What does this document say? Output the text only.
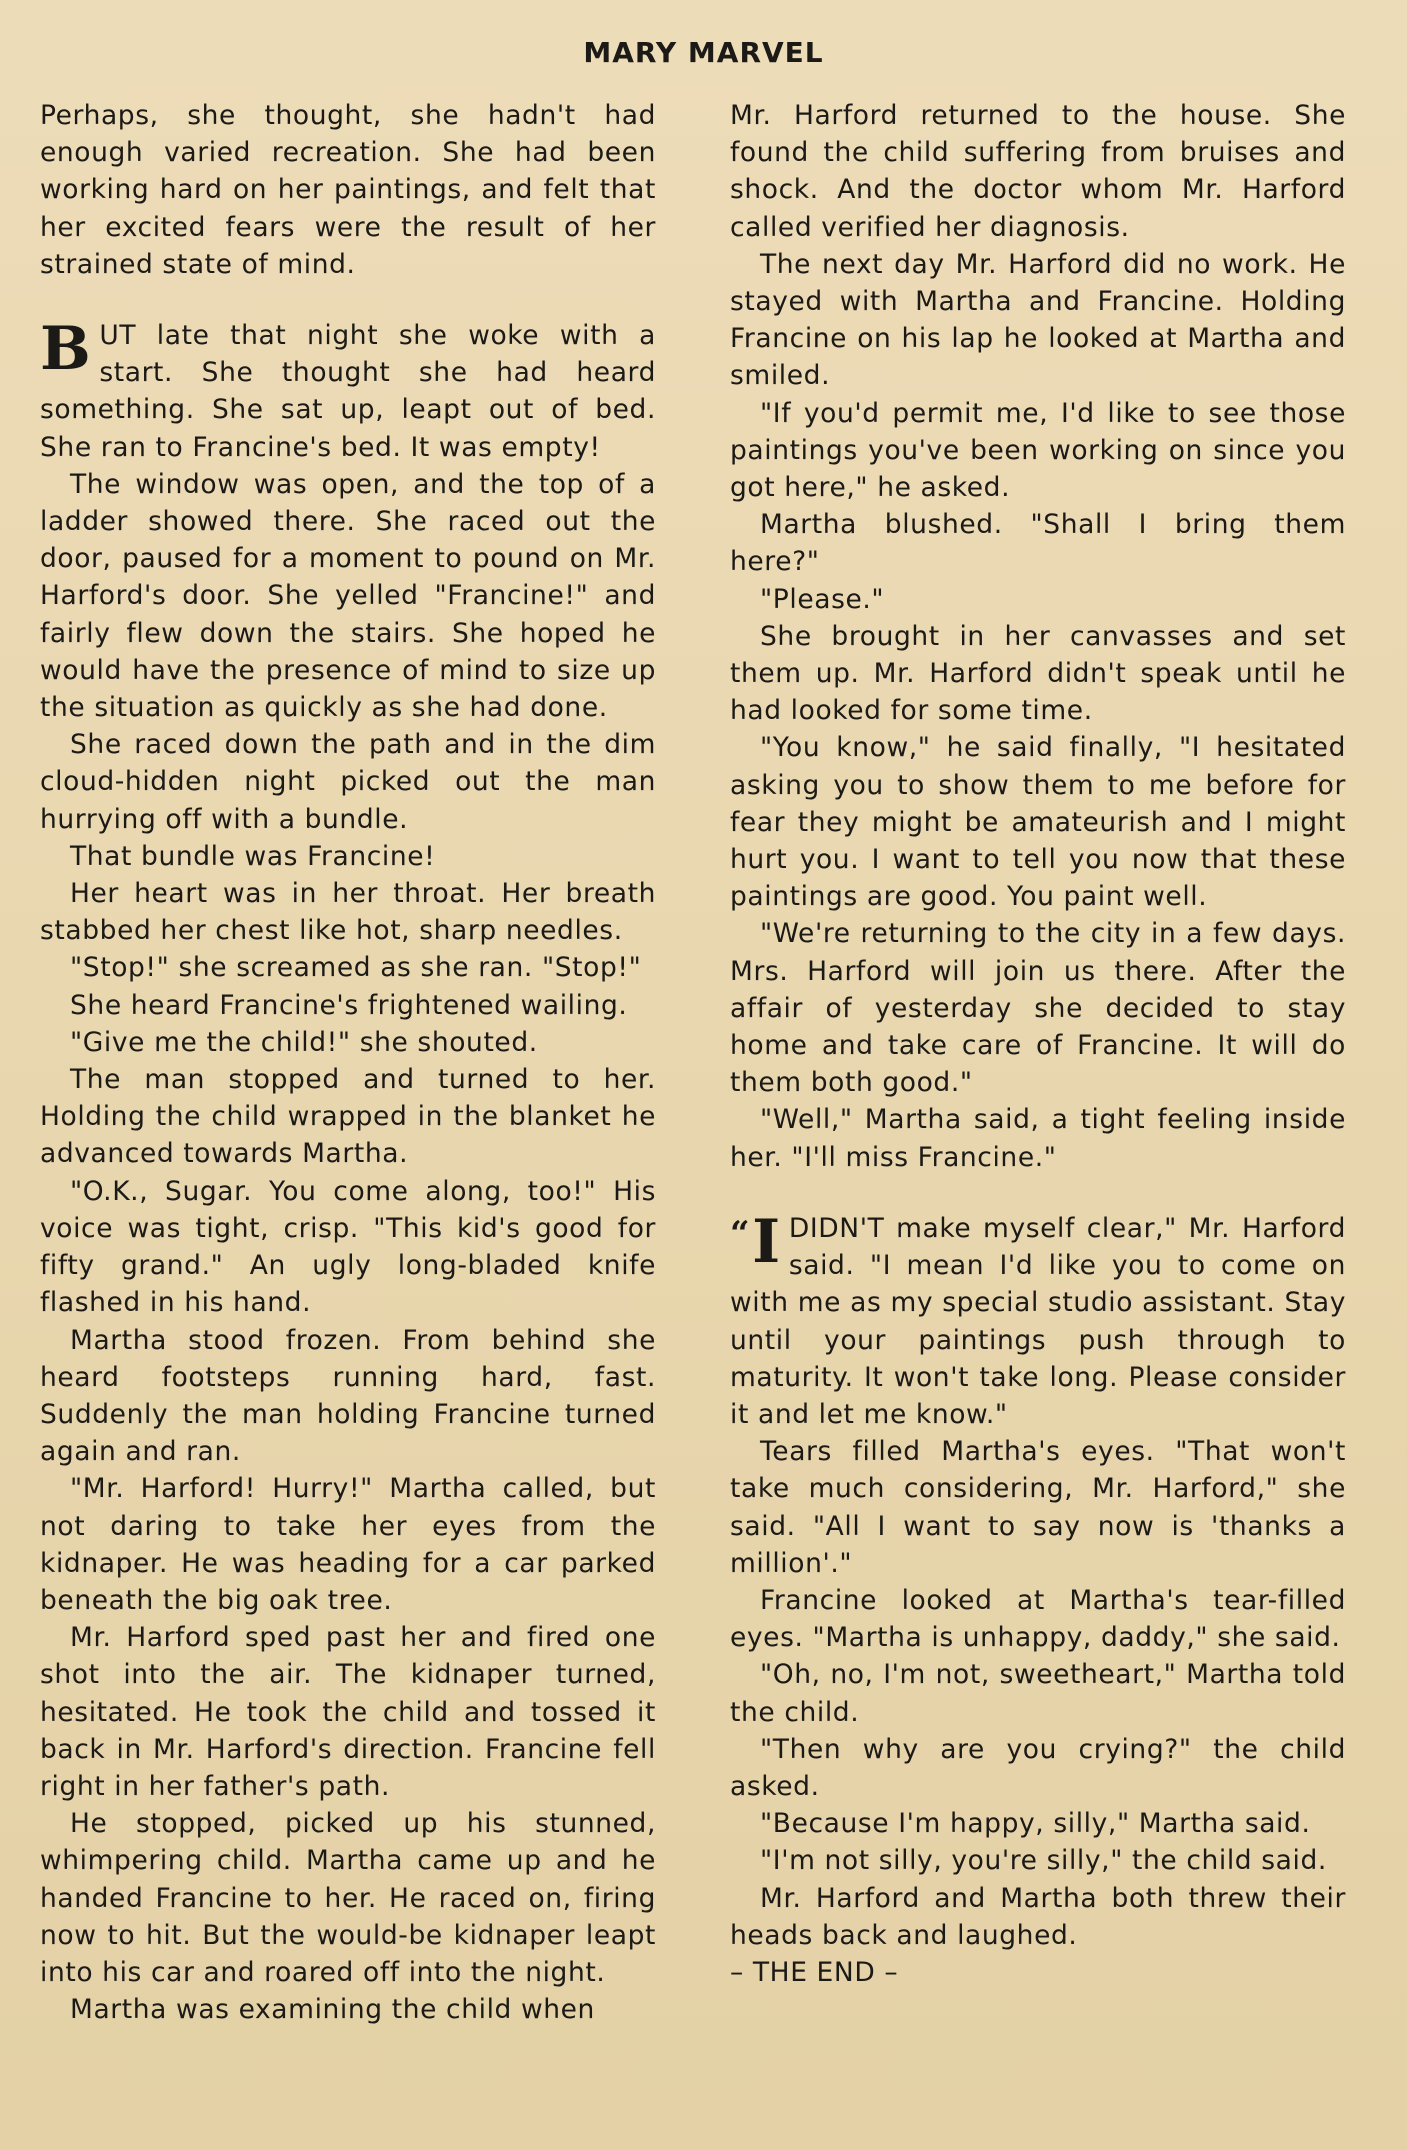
MARY MARVEL

Perhaps, she thought, she hadn't had enough varied recreation. She had been working hard on her paintings, and felt that her excited fears were the result of her strained state of mind.

BUT late that night she woke with a start. She thought she had heard something. She sat up, leapt out of bed. She ran to Francine's bed. It was empty!

The window was open, and the top of a ladder showed there. She raced out the door, paused for a moment to pound on Mr. Harford's door. She yelled "Francine!" and fairly flew down the stairs. She hoped he would have the presence of mind to size up the situation as quickly as she had done.

She raced down the path and in the dim cloud-hidden night picked out the man hurrying off with a bundle.

That bundle was Francine!

Her heart was in her throat. Her breath stabbed her chest like hot, sharp needles.

"Stop!" she screamed as she ran. "Stop!"

She heard Francine's frightened wailing.

"Give me the child!" she shouted.

The man stopped and turned to her. Holding the child wrapped in the blanket he advanced towards Martha.

"O.K., Sugar. You come along, too!" His voice was tight, crisp. "This kid's good for fifty grand." An ugly long-bladed knife flashed in his hand.

Martha stood frozen. From behind she heard footsteps running hard, fast. Suddenly the man holding Francine turned again and ran.

"Mr. Harford! Hurry!" Martha called, but not daring to take her eyes from the kidnaper. He was heading for a car parked beneath the big oak tree.

Mr. Harford sped past her and fired one shot into the air. The kidnaper turned, hesitated. He took the child and tossed it back in Mr. Harford's direction. Francine fell right in her father's path.

He stopped, picked up his stunned, whimpering child. Martha came up and he handed Francine to her. He raced on, firing now to hit. But the would-be kidnaper leapt into his car and roared off into the night.

Martha was examining the child when

Mr. Harford returned to the house. She found the child suffering from bruises and shock. And the doctor whom Mr. Harford called verified her diagnosis.

The next day Mr. Harford did no work. He stayed with Martha and Francine. Holding Francine on his lap he looked at Martha and smiled.

"If you'd permit me, I'd like to see those paintings you've been working on since you got here," he asked.

Martha blushed. "Shall I bring them here?"

"Please."

She brought in her canvasses and set them up. Mr. Harford didn't speak until he had looked for some time.

"You know," he said finally, "I hesitated asking you to show them to me before for fear they might be amateurish and I might hurt you. I want to tell you now that these paintings are good. You paint well.

"We're returning to the city in a few days. Mrs. Harford will join us there. After the affair of yesterday she decided to stay home and take care of Francine. It will do them both good."

"Well," Martha said, a tight feeling inside her. "I'll miss Francine."

“ I DIDN'T make myself clear," Mr. Harford said. "I mean I'd like you to come on with me as my special studio assistant. Stay until your paintings push through to maturity. It won't take long. Please consider it and let me know."

Tears filled Martha's eyes. "That won't take much considering, Mr. Harford," she said. "All I want to say now is 'thanks a million'."

Francine looked at Martha's tear-filled eyes. "Martha is unhappy, daddy," she said.

"Oh, no, I'm not, sweetheart," Martha told the child.

"Then why are you crying?" the child asked.

"Because I'm happy, silly," Martha said.

"I'm not silly, you're silly," the child said.

Mr. Harford and Martha both threw their heads back and laughed.

– THE END –
